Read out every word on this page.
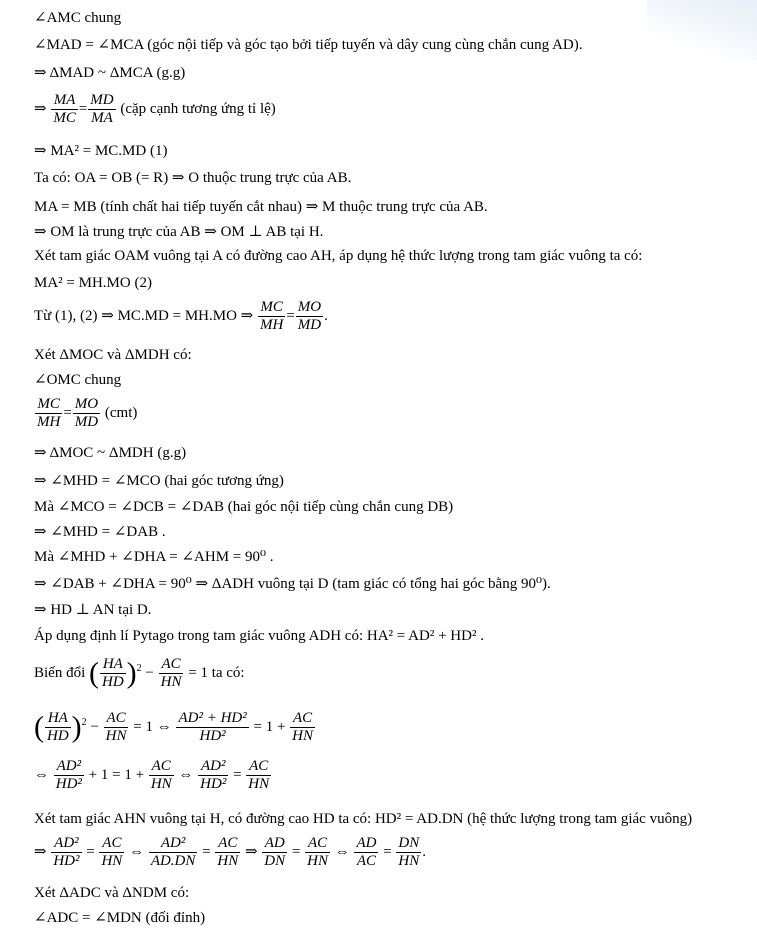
∠AMC chung
∠MAD = ∠MCA (góc nội tiếp và góc tạo bởi tiếp tuyến và dây cung cùng chắn cung AD).
⇒ ΔMAD ~ ΔMCA (g.g)
⇒ $\frac{MA}{MC} = \frac{MD}{MA}$ (cặp cạnh tương ứng tỉ lệ)
⇒ MA² = MC.MD (1)
Ta có: OA = OB (= R) ⇒ O thuộc trung trực của AB.
MA = MB (tính chất hai tiếp tuyến cắt nhau) ⇒ M thuộc trung trực của AB.
⇒ OM là trung trực của AB ⇒ OM ⊥ AB tại H.
Xét tam giác OAM vuông tại A có đường cao AH, áp dụng hệ thức lượng trong tam giác vuông ta có:
MA² = MH.MO (2)
Từ (1), (2) ⇒ MC.MD = MH.MO ⇒ $\frac{MC}{MH} = \frac{MO}{MD}$ .
Xét ΔMOC và ΔMDH có:
∠OMC chung
$\frac{MC}{MH} = \frac{MO}{MD} (cmt)$
⇒ ΔMOC ~ ΔMDH (g.g)
⇒ ∠MHD = ∠MCO (hai góc tương ứng)
Mà ∠MCO = ∠DCB = ∠DAB (hai góc nội tiếp cùng chắn cung DB)
⇒ ∠MHD = ∠DAB .
Mà ∠MHD + ∠DHA = ∠AHM = 90⁰ .
⇒ ∠DAB + ∠DHA = 90⁰ ⇒ ΔADH vuông tại D (tam giác có tổng hai góc bằng 90⁰).
⇒ HD ⊥ AN tại D.
Áp dụng định lí Pytago trong tam giác vuông ADH có: HA² = AD² + HD² .
Biến đổi ( $\frac{HA}{HD} )^2 - \frac{AC}{HN} = 1$ ta có:
( $\frac{HA}{HD} )^2 - \frac{AC}{HN} = 1$ ⇔ $\frac{\text{AD² + HD²}}{\text{HD²}} = 1 + \frac{AC}{HN}$
⇔ $\frac{\text{AD²}}{\text{HD²}} + 1 = 1 + \frac{AC}{HN}$ ⇔ $\frac{\text{AD²}}{\text{HD²}} = \frac{AC}{HN}$
Xét tam giác AHN vuông tại H, có đường cao HD ta có: HD² = AD.DN (hệ thức lượng trong tam giác vuông)
⇒ $\frac{\text{AD²}}{\text{HD²}} = \frac{AC}{HN}$ ⇔ $\frac{\text{AD²}}{AD.DN} = \frac{AC}{HN}$ ⇒ $\frac{AD}{DN} = \frac{AC}{HN}$ ⇔ $\frac{AD}{AC} = \frac{DN}{HN}$ .
Xét ΔADC và ΔNDM có:
∠ADC = ∠MDN (đối đỉnh)
